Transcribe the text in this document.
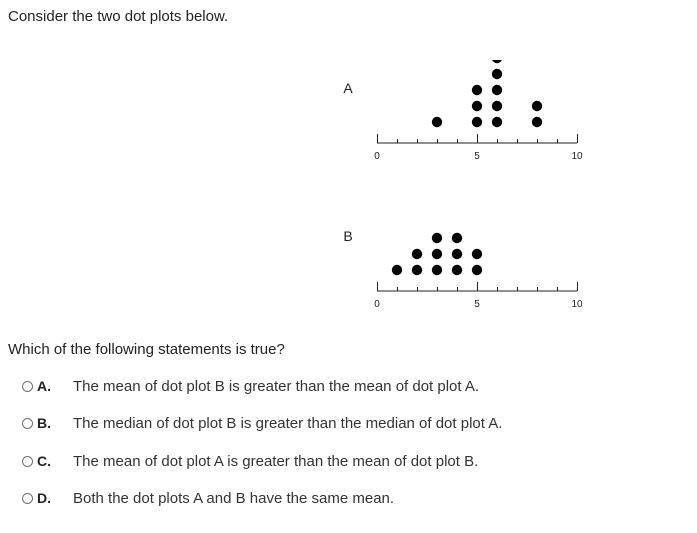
Consider the two dot plots below.
A
0	5	10
B
0	5	10
Which of the following statements is true?
A.	The mean of dot plot B is greater than the mean of dot plot A.
B.	The median of dot plot B is greater than the median of dot plot A.
C.	The mean of dot plot A is greater than the mean of dot plot B.
D.	Both the dot plots A and B have the same mean.
